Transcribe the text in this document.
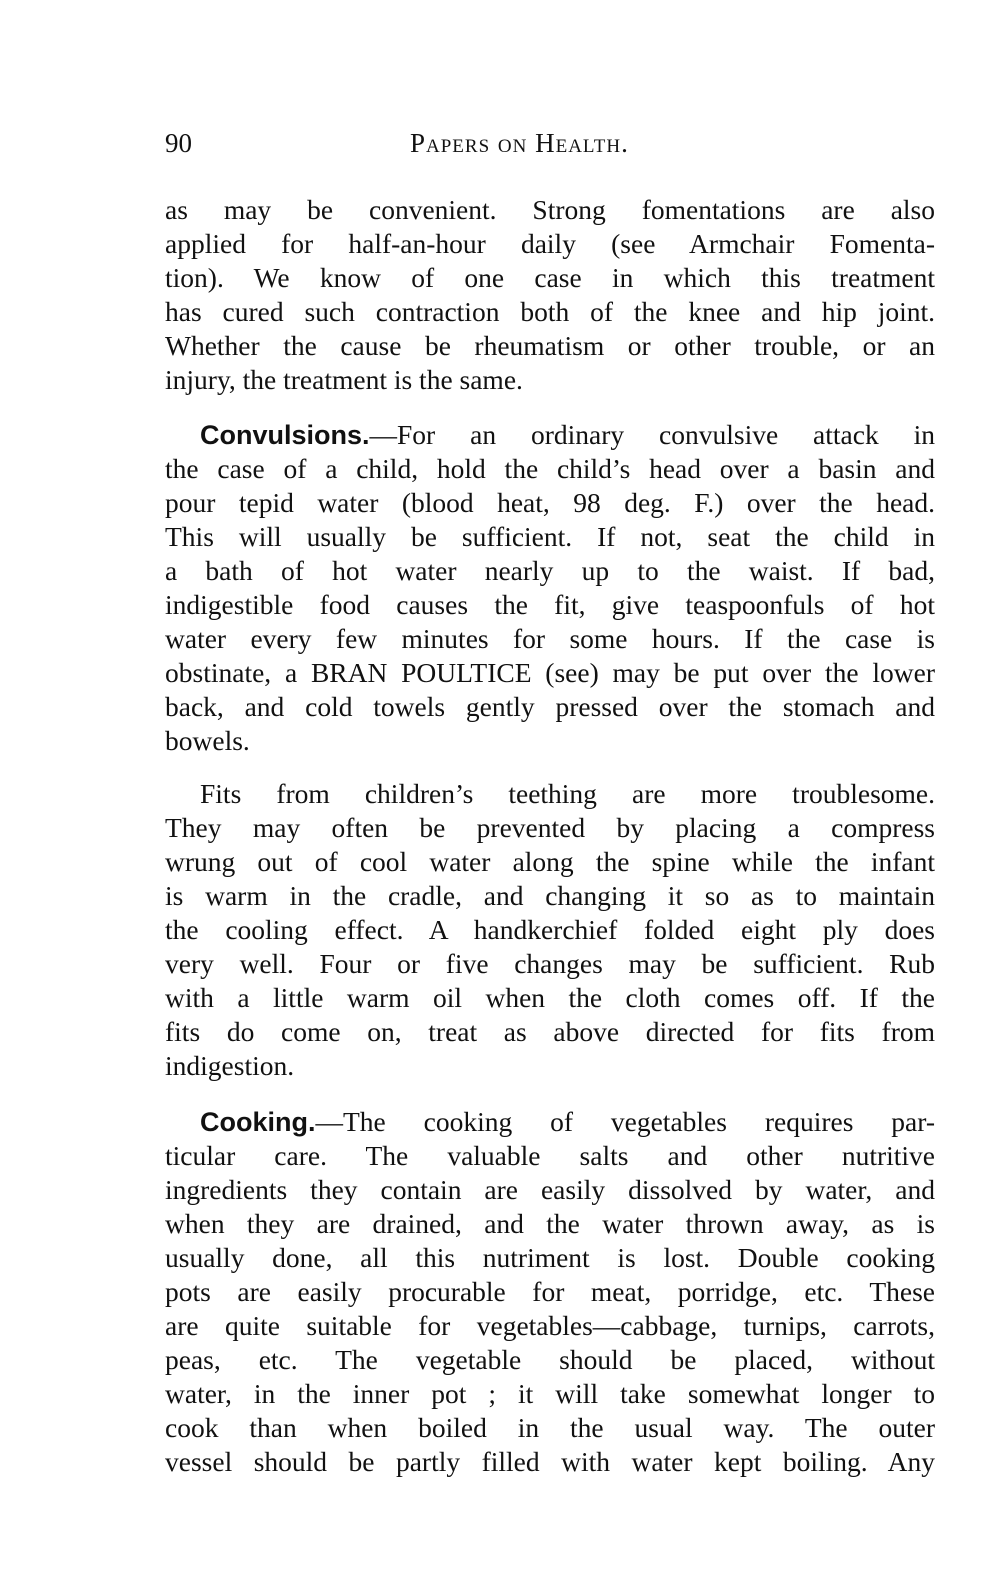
90	Papers on Health.
as may be convenient. Strong fomentations are also
applied for half-an-hour daily (see Armchair Fomenta-
tion). We know of one case in which this treatment
has cured such contraction both of the knee and hip joint.
Whether the cause be rheumatism or other trouble, or an
injury, the treatment is the same.
Convulsions.—For an ordinary convulsive attack in
the case of a child, hold the child’s head over a basin and
pour tepid water (blood heat, 98 deg. F.) over the head.
This will usually be sufficient. If not, seat the child in
a bath of hot water nearly up to the waist. If bad,
indigestible food causes the fit, give teaspoonfuls of hot
water every few minutes for some hours. If the case is
obstinate, a BRAN POULTICE (see) may be put over the lower
back, and cold towels gently pressed over the stomach and
bowels.
Fits from children’s teething are more troublesome.
They may often be prevented by placing a compress
wrung out of cool water along the spine while the infant
is warm in the cradle, and changing it so as to maintain
the cooling effect. A handkerchief folded eight ply does
very well. Four or five changes may be sufficient. Rub
with a little warm oil when the cloth comes off. If the
fits do come on, treat as above directed for fits from
indigestion.
Cooking.—The cooking of vegetables requires par-
ticular care. The valuable salts and other nutritive
ingredients they contain are easily dissolved by water, and
when they are drained, and the water thrown away, as is
usually done, all this nutriment is lost. Double cooking
pots are easily procurable for meat, porridge, etc. These
are quite suitable for vegetables—cabbage, turnips, carrots,
peas, etc. The vegetable should be placed, without
water, in the inner pot ; it will take somewhat longer to
cook than when boiled in the usual way. The outer
vessel should be partly filled with water kept boiling. Any
